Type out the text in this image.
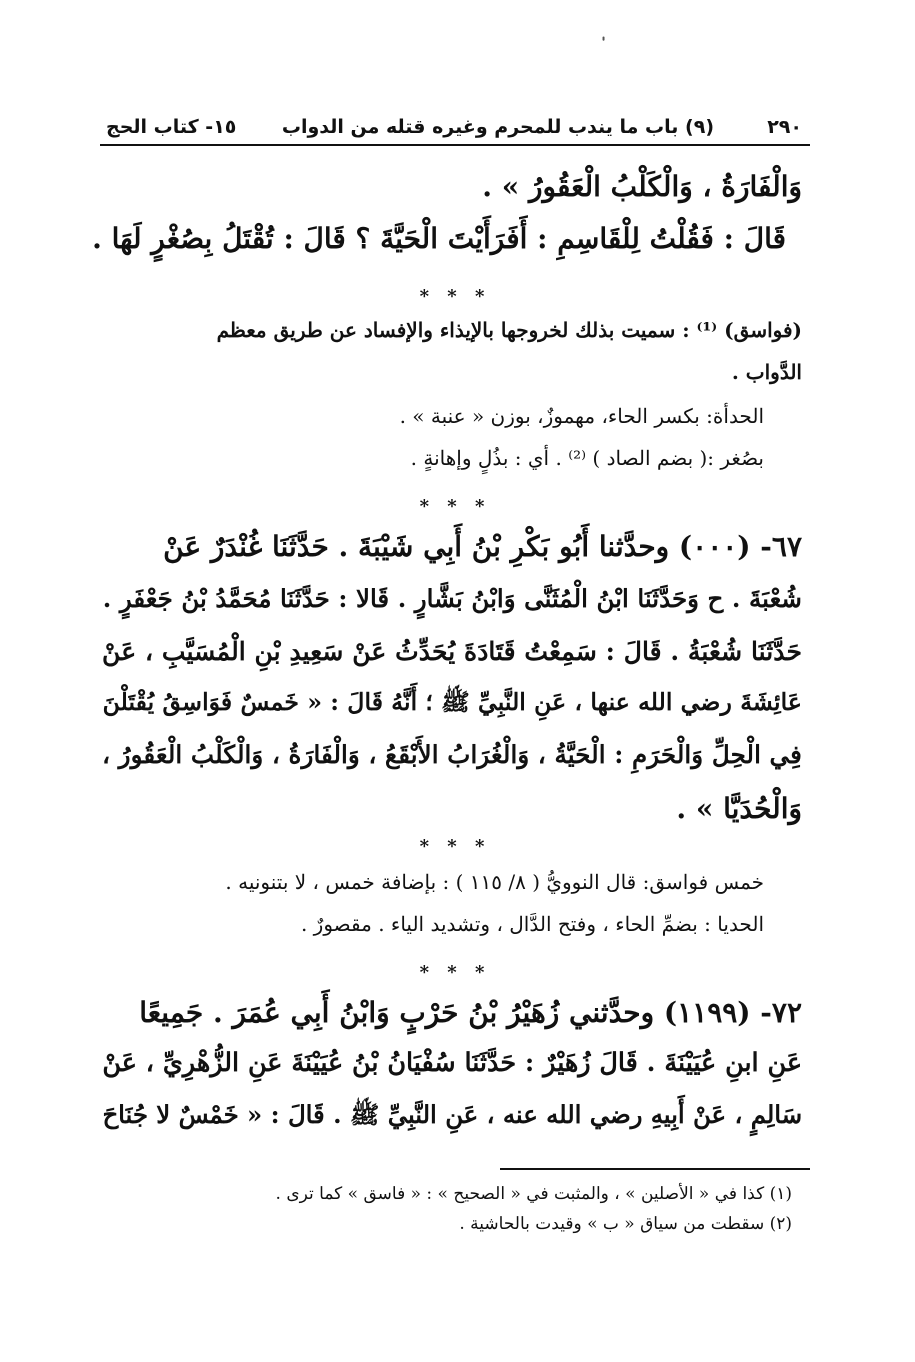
···
٢٩٠
(٩) باب ما يندب للمحرم وغيره قتله من الدواب
١٥- كتاب الحج
وَالْفَارَةُ ، وَالْكَلْبُ الْعَقُورُ » .
قَالَ : فَقُلْتُ لِلْقَاسِمِ : أَفَرَأَيْتَ الْحَيَّةَ ؟ قَالَ : تُقْتَلُ بِصُغْرٍ لَهَا .
* * *
(فواسق) ⁽¹⁾ : سميت بذلك لخروجها بالإيذاء والإفساد عن طريق معظم
الدَّواب .
الحدأة: بكسر الحاء، مهموزٌ، بوزن « عنبة » .
بصُغر :( بضم الصاد ) ⁽²⁾ . أي : بذُلٍ وإهانةٍ .
* * *
٦٧- (٠٠٠) وحدَّثنا أَبُو بَكْرِ بْنُ أَبِي شَيْبَةَ . حَدَّثَنَا غُنْدَرٌ عَنْ
شُعْبَةَ . ح وَحَدَّثَنَا ابْنُ الْمُثَنَّى وَابْنُ بَشَّارٍ . قَالا : حَدَّثَنَا مُحَمَّدُ بْنُ جَعْفَرٍ .
حَدَّثَنَا شُعْبَةُ . قَالَ : سَمِعْتُ قَتَادَةَ يُحَدِّثُ عَنْ سَعِيدِ بْنِ الْمُسَيَّبِ ، عَنْ
عَائِشَةَ رضي الله عنها ، عَنِ النَّبِيِّ ﷺ ؛ أَنَّهُ قَالَ : « خَمسٌ فَوَاسِقُ يُقْتَلْنَ
فِي الْحِلِّ وَالْحَرَمِ : الْحَيَّةُ ، وَالْغُرَابُ الأَبْقَعُ ، وَالْفَارَةُ ، وَالْكَلْبُ الْعَقُورُ ،
وَالْحُدَيَّا » .
* * *
خمس فواسق: قال النوويُّ ( ٨/ ١١٥ ) : بإضافة خمس ، لا بتنونيه .
الحديا : بضمِّ الحاء ، وفتح الدَّال ، وتشديد الياء . مقصورٌ .
* * *
٧٢- (١١٩٩) وحدَّثني زُهَيْرُ بْنُ حَرْبٍ وَابْنُ أَبِي عُمَرَ . جَمِيعًا
عَنِ ابنِ عُيَيْنَةَ . قَالَ زُهَيْرٌ : حَدَّثَنَا سُفْيَانُ بْنُ عُيَيْنَةَ عَنِ الزُّهْرِيِّ ، عَنْ
سَالِمٍ ، عَنْ أَبِيهِ رضي الله عنه ، عَنِ النَّبِيِّ ﷺ . قَالَ : « خَمْسٌ لا جُنَاحَ
(١) كذا في « الأصلين » ، والمثبت في « الصحيح » : « فاسق » كما ترى .
(٢) سقطت من سياق « ب » وقيدت بالحاشية .
